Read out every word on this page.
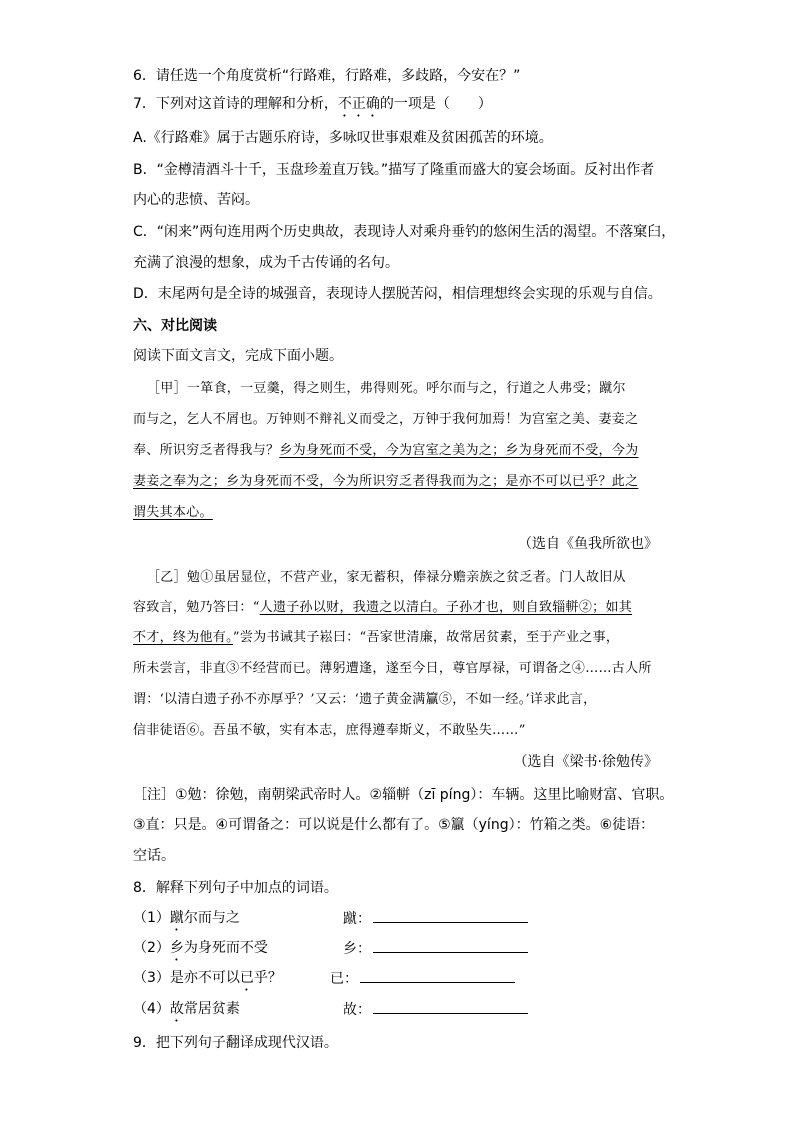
6．请任选一个角度赏析“行路难，行路难，多歧路，今安在？”
7．下列对这首诗的理解和分析，不正确的一项是（　　）
A.《行路难》属于古题乐府诗，多咏叹世事艰难及贫困孤苦的环境。
B．“金樽清酒斗十千，玉盘珍羞直万钱。”描写了隆重而盛大的宴会场面。反衬出作者
内心的悲愤、苦闷。
C．“闲来”两句连用两个历史典故，表现诗人对乘舟垂钓的悠闲生活的渴望。不落窠臼，
充满了浪漫的想象，成为千古传诵的名句。
D．末尾两句是全诗的城强音，表现诗人摆脱苦闷，相信理想终会实现的乐观与自信。
六、对比阅读
阅读下面文言文，完成下面小题。
［甲］一箪食，一豆羹，得之则生，弗得则死。呼尔而与之，行道之人弗受；蹴尔
而与之，乞人不屑也。万钟则不辩礼义而受之，万钟于我何加焉！为宫室之美、妻妾之
奉、所识穷乏者得我与？乡为身死而不受，今为宫室之美为之；乡为身死而不受，今为
妻妾之奉为之；乡为身死而不受，今为所识穷乏者得我而为之；是亦不可以已乎？此之
谓失其本心。
（选自《鱼我所欲也》
［乙］勉①虽居显位，不营产业，家无蓄积，俸禄分赡亲族之贫乏者。门人故旧从
容致言，勉乃答曰：“人遗子孙以财，我遗之以清白。子孙才也，则自致辎軿②；如其
不才，终为他有。”尝为书诫其子崧曰：“吾家世清廉，故常居贫素，至于产业之事，
所未尝言，非直③不经营而已。薄躬遭逢，遂至今日，尊官厚禄，可谓备之④……古人所
谓：‘以清白遗子孙不亦厚乎？’又云：‘遗子黄金满籯⑤，不如一经。’详求此言，
信非徒语⑥。吾虽不敏，实有本志，庶得遵奉斯义，不敢坠失……”
（选自《梁书·徐勉传》
［注］①勉：徐勉，南朝梁武帝时人。②辎軿（zī píng）：车辆。这里比喻财富、官职。
③直：只是。④可谓备之：可以说是什么都有了。⑤籯（yíng）：竹箱之类。⑥徒语：
空话。
8．解释下列句子中加点的词语。
（1）蹴尔而与之	蹴：
（2）乡为身死而不受	乡：
（3）是亦不可以已乎？	已：
（4）故常居贫素	故：
9．把下列句子翻译成现代汉语。
